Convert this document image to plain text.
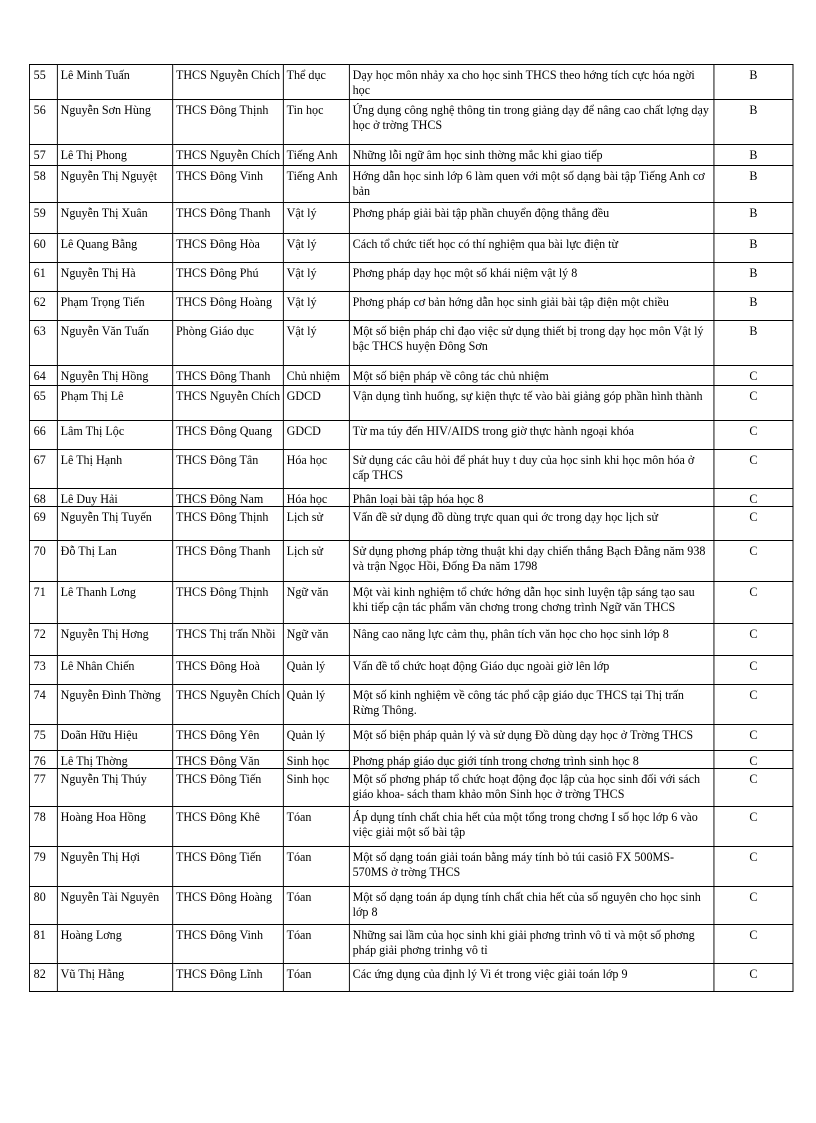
55	Lê Minh Tuấn	THCS Nguyễn Chích	Thể dục	Dạy học môn nhảy xa cho học sinh THCS theo hớng tích cực hóa ngời học	B
56	Nguyễn Sơn Hùng	THCS Đông Thịnh	Tin học	Ứng dụng công nghệ thông tin trong giảng dạy để nâng cao chất lợng dạy học ở trờng THCS	B
57	Lê Thị Phong	THCS Nguyễn Chích	Tiếng Anh	Những lỗi ngữ âm học sinh thờng mắc khi giao tiếp	B
58	Nguyễn Thị Nguyệt	THCS Đông Vinh	Tiếng Anh	Hớng dẫn học sinh lớp 6 làm quen với một số dạng bài tập Tiếng Anh cơ bản	B
59	Nguyễn Thị Xuân	THCS Đông Thanh	Vật lý	Phơng pháp giải bài tập phần chuyển động thẳng đều	B
60	Lê Quang Bằng	THCS Đông Hòa	Vật lý	Cách tổ chức tiết học có thí nghiệm qua bài lực điện từ	B
61	Nguyễn Thị Hà	THCS Đông Phú	Vật lý	Phơng pháp dạy học một số khái niệm vật lý 8	B
62	Phạm Trọng Tiến	THCS Đông Hoàng	Vật lý	Phơng pháp cơ bản hớng dẫn học sinh giải bài tập điện một chiều	B
63	Nguyễn Văn Tuấn	Phòng Giáo dục	Vật lý	Một số biện pháp chỉ đạo việc sử dụng thiết bị trong dạy học môn Vật lý bậc THCS huyện Đông Sơn	B
64	Nguyễn Thị Hồng	THCS Đông Thanh	Chủ nhiệm	Một số biện pháp về công tác chủ nhiệm	C
65	Phạm Thị Lê	THCS Nguyễn Chích	GDCD	Vận dụng tình huống, sự kiện thực tế vào bài giảng góp phần hình thành	C
66	Lâm Thị Lộc	THCS Đông Quang	GDCD	Từ ma túy đến HIV/AIDS trong giờ thực hành ngoại khóa	C
67	Lê Thị Hạnh	THCS Đông Tân	Hóa học	Sử dụng các câu hỏi để phát huy t duy của học sinh khi học môn hóa ở cấp THCS	C
68	Lê Duy Hải	THCS Đông Nam	Hóa học	Phân loại bài tập hóa học 8	C
69	Nguyễn Thị Tuyến	THCS Đông Thịnh	Lịch sử	Vấn đề sử dụng đồ dùng trực quan qui ớc trong dạy học lịch sử	C
70	Đỗ Thị Lan	THCS Đông Thanh	Lịch sử	Sử dụng phơng pháp tờng thuật khi dạy chiến thắng Bạch Đằng năm 938 và trận Ngọc Hồi, Đống Đa năm 1798	C
71	Lê Thanh Lơng	THCS Đông Thịnh	Ngữ văn	Một vài kinh nghiệm tổ chức hớng dẫn học sinh luyện tập sáng tạo sau khi tiếp cận tác phẩm văn chơng trong chơng trình Ngữ văn THCS	C
72	Nguyễn Thị Hơng	THCS Thị trấn Nhồi	Ngữ văn	Nâng cao năng lực cảm thụ, phân tích văn học cho học sinh lớp 8	C
73	Lê Nhân Chiến	THCS Đông Hoà	Quản lý	Vấn đề tổ chức hoạt động Giáo dục ngoài giờ lên lớp	C
74	Nguyễn Đình Thờng	THCS Nguyễn Chích	Quản lý	Một số kinh nghiệm về công tác phổ cập giáo dục THCS tại Thị trấn Rừng Thông.	C
75	Doãn Hữu Hiệu	THCS Đông Yên	Quản lý	Một số biện pháp quản lý và sử dụng Đồ dùng dạy học ở Trờng THCS	C
76	Lê Thị Thờng	THCS Đông Văn	Sinh học	Phơng pháp giáo dục giới tính trong chơng trình sinh học 8	C
77	Nguyễn Thị Thúy	THCS Đông Tiến	Sinh học	Một số phơng pháp tổ chức hoạt động đọc lập của học sinh đối với sách giáo khoa- sách tham khảo môn Sinh học ở trờng THCS	C
78	Hoàng Hoa Hồng	THCS Đông Khê	Tóan	Áp dụng tính chất chia hết của một tổng trong chơng I số học lớp 6 vào việc giải một số bài tập	C
79	Nguyễn Thị Hợi	THCS Đông Tiến	Tóan	Một số dạng toán giải toán bằng máy tính bỏ túi casiô FX 500MS- 570MS ở trờng THCS	C
80	Nguyễn Tài Nguyên	THCS Đông Hoàng	Tóan	Một số dạng toán áp dụng tính chất chia hết của số nguyên cho học sinh lớp 8	C
81	Hoàng Lơng	THCS Đông Vinh	Tóan	Những sai lầm của học sinh khi giải phơng trình vô tỉ và một số phơng pháp giải phơng trinhg vô tỉ	C
82	Vũ Thị Hằng	THCS Đông Lĩnh	Tóan	Các ứng dụng của định lý Vi ét trong việc giải toán lớp 9	C
